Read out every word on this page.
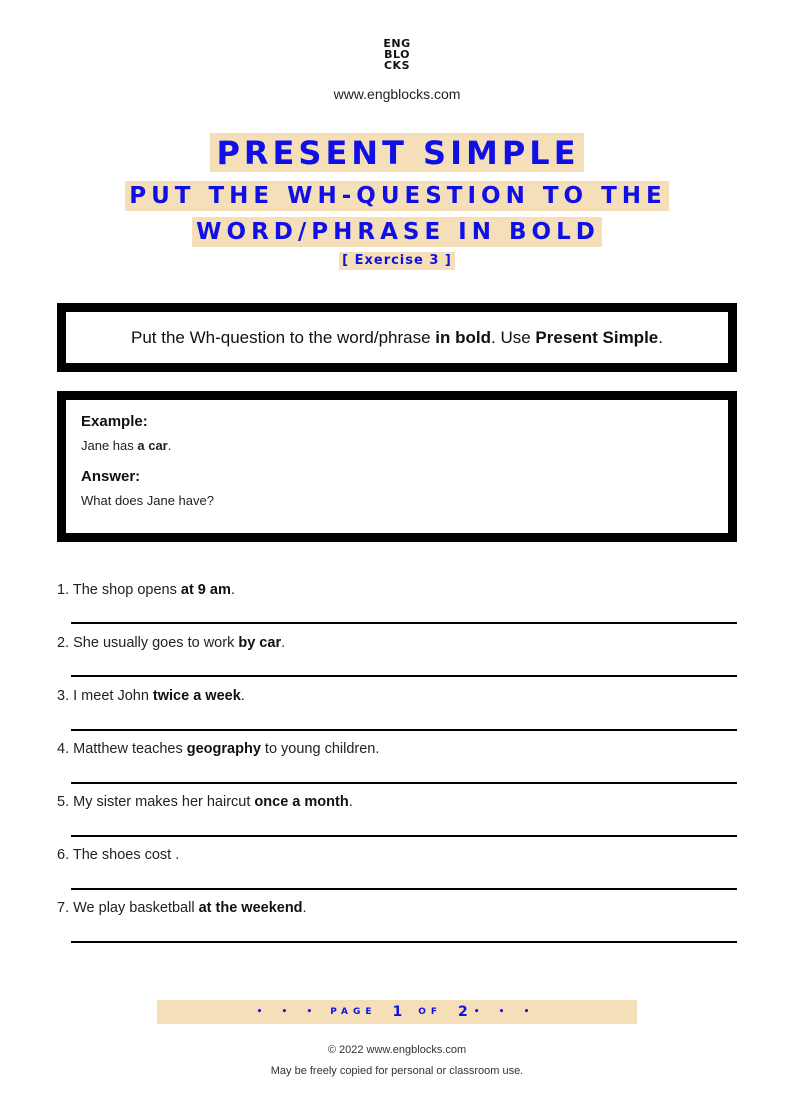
ENG
BLO
CKS
www.engblocks.com
PRESENT SIMPLE
PUT THE WH-QUESTION TO THE
WORD/PHRASE IN BOLD
[ Exercise 3 ]

Put the Wh-question to the word/phrase in bold. Use Present Simple.

Example:
Jane has a car.
Answer:
What does Jane have?
1. The shop opens at 9 am.
2. She usually goes to work by car.
3. I meet John twice a week.
4. Matthew teaches geography to young children.
5. My sister makes her haircut once a month.
6. The shoes cost .
7. We play basketball at the weekend.
• • • PAGE 1 OF 2 • • •
© 2022 www.engblocks.com
May be freely copied for personal or classroom use.
